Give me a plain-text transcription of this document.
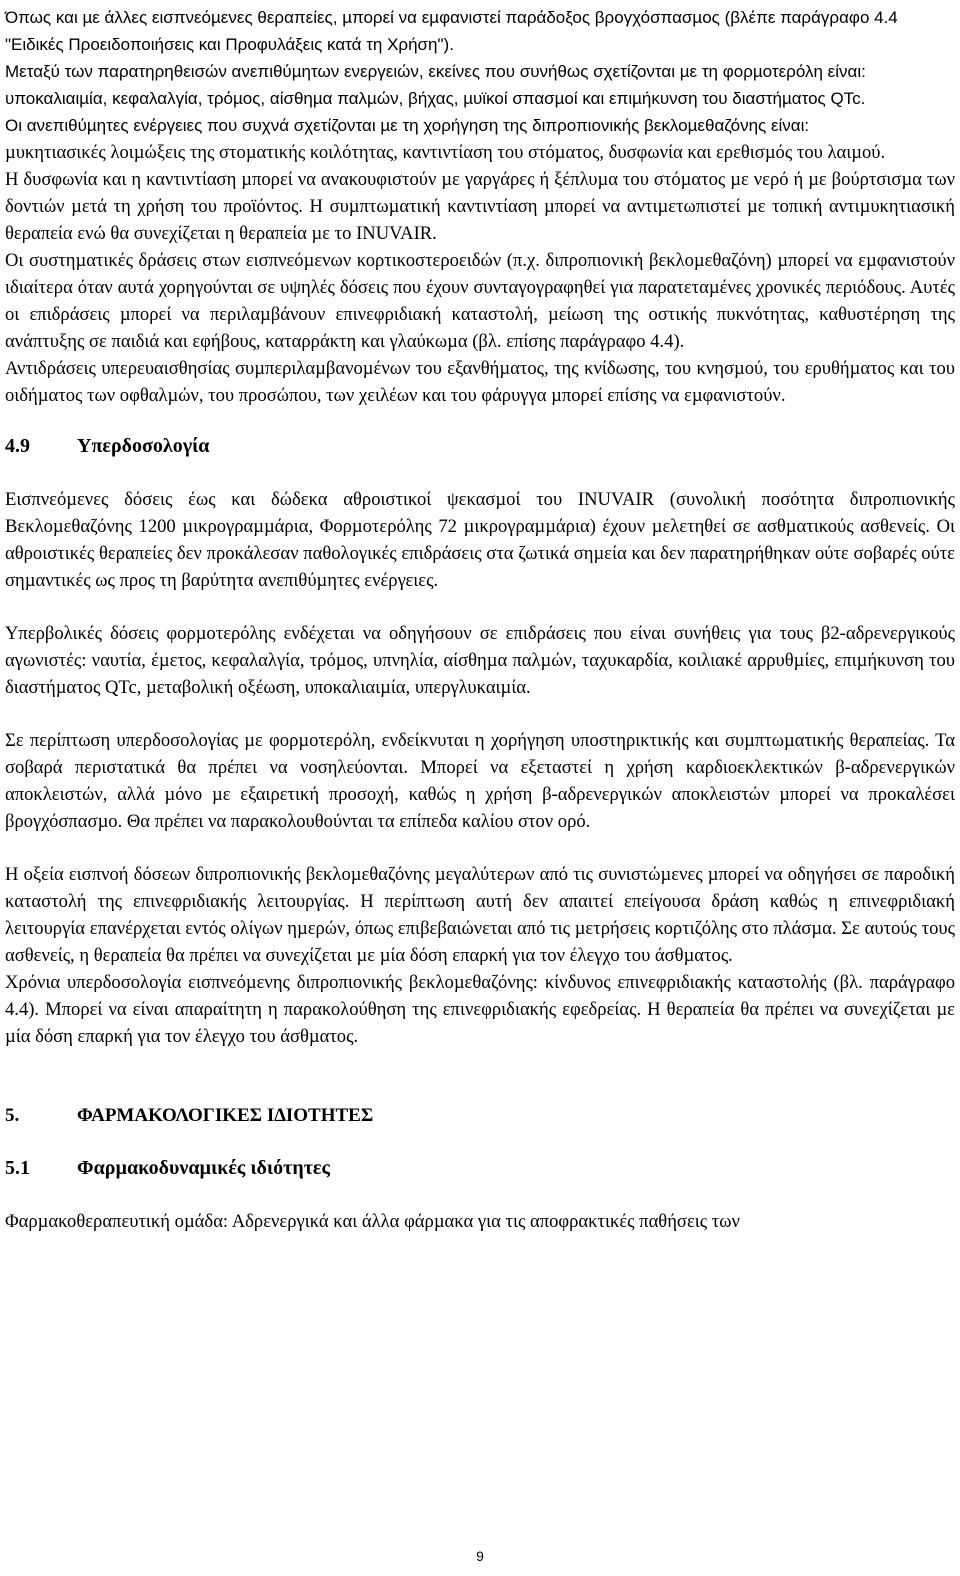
Όπως και µε άλλες εισπνεόµενες θεραπείες, µπορεί να εµφανιστεί παράδοξος βρογχόσπασµος (βλέπε παράγραφο 4.4 "Ειδικές Προειδοποιήσεις και Προφυλάξεις κατά τη Χρήση").

Μεταξύ των παρατηρηθεισών ανεπιθύµητων ενεργειών, εκείνες που συνήθως σχετίζονται µε τη φορµοτερόλη είναι:

υποκαλιαιµία, κεφαλαλγία, τρόµος, αίσθηµα παλµών, βήχας, µυϊκοί σπασµοί και επιµήκυνση του διαστήµατος QTc.

Οι ανεπιθύµητες ενέργειες που συχνά σχετίζονται µε τη χορήγηση της διπροπιονικής βεκλοµεθαζόνης είναι:

µυκητιασικές λοιµώξεις της στοµατικής κοιλότητας, καντιντίαση του στόµατος, δυσφωνία και ερεθισµός του λαιµού.

Η δυσφωνία και η καντιντίαση µπορεί να ανακουφιστούν µε γαργάρες ή ξέπλυµα του στόµατος µε νερό ή µε βούρτσισµα των δοντιών µετά τη χρήση του προϊόντος. Η συµπτωµατική καντιντίαση µπορεί να αντιµετωπιστεί µε τοπική αντιµυκητιασική θεραπεία ενώ θα συνεχίζεται η θεραπεία µε το INUVAIR.

Οι συστηµατικές δράσεις στων εισπνεόµενων κορτικοστεροειδών (π.χ. διπροπιονική βεκλοµεθαζόνη) µπορεί να εµφανιστούν ιδιαίτερα όταν αυτά χορηγούνται σε υψηλές δόσεις που έχουν συνταγογραφηθεί για παρατεταµένες χρονικές περιόδους. Αυτές οι επιδράσεις µπορεί να περιλαµβάνουν επινεφριδιακή καταστολή, µείωση της οστικής πυκνότητας, καθυστέρηση της ανάπτυξης σε παιδιά και εφήβους, καταρράκτη και γλαύκωµα (βλ. επίσης παράγραφο 4.4).

Αντιδράσεις υπερευαισθησίας συµπεριλαµβανοµένων του εξανθήµατος, της κνίδωσης, του κνησµού, του ερυθήµατος και του οιδήµατος των οφθαλµών, του προσώπου, των χειλέων και του φάρυγγα µπορεί επίσης να εµφανιστούν.

4.9	Υπερδοσολογία

Εισπνεόµενες δόσεις έως και δώδεκα αθροιστικοί ψεκασµοί του INUVAIR (συνολική ποσότητα διπροπιονικής Βεκλοµεθαζόνης 1200 µικρογραµµάρια, Φορµοτερόλης 72 µικρογραµµάρια) έχουν µελετηθεί σε ασθµατικούς ασθενείς. Οι αθροιστικές θεραπείες δεν προκάλεσαν παθολογικές επιδράσεις στα ζωτικά σηµεία και δεν παρατηρήθηκαν ούτε σοβαρές ούτε σηµαντικές ως προς τη βαρύτητα ανεπιθύµητες ενέργειες.

Υπερβολικές δόσεις φορµοτερόλης ενδέχεται να οδηγήσουν σε επιδράσεις που είναι συνήθεις για τους β2-αδρενεργικούς αγωνιστές: ναυτία, έµετος, κεφαλαλγία, τρόµος, υπνηλία, αίσθηµα παλµών, ταχυκαρδία, κοιλιακέ αρρυθµίες, επιµήκυνση του διαστήµατος QTc, µεταβολική οξέωση, υποκαλιαιµία, υπεργλυκαιµία.

Σε περίπτωση υπερδοσολογίας µε φορµοτερόλη, ενδείκνυται η χορήγηση υποστηρικτικής και συµπτωµατικής θεραπείας. Τα σοβαρά περιστατικά θα πρέπει να νοσηλεύονται. Μπορεί να εξεταστεί η χρήση καρδιοεκλεκτικών β-αδρενεργικών αποκλειστών, αλλά µόνο µε εξαιρετική προσοχή, καθώς η χρήση β-αδρενεργικών αποκλειστών µπορεί να προκαλέσει βρογχόσπασµο. Θα πρέπει να παρακολουθούνται τα επίπεδα καλίου στον ορό.

Η οξεία εισπνοή δόσεων διπροπιονικής βεκλοµεθαζόνης µεγαλύτερων από τις συνιστώµενες µπορεί να οδηγήσει σε παροδική καταστολή της επινεφριδιακής λειτουργίας. Η περίπτωση αυτή δεν απαιτεί επείγουσα δράση καθώς η επινεφριδιακή λειτουργία επανέρχεται εντός ολίγων ηµερών, όπως επιβεβαιώνεται από τις µετρήσεις κορτιζόλης στο πλάσµα. Σε αυτούς τους ασθενείς, η θεραπεία θα πρέπει να συνεχίζεται µε µία δόση επαρκή για τον έλεγχο του άσθµατος.

Χρόνια υπερδοσολογία εισπνεόµενης διπροπιονικής βεκλοµεθαζόνης: κίνδυνος επινεφριδιακής καταστολής (βλ. παράγραφο 4.4). Μπορεί να είναι απαραίτητη η παρακολούθηση της επινεφριδιακής εφεδρείας. Η θεραπεία θα πρέπει να συνεχίζεται µε µία δόση επαρκή για τον έλεγχο του άσθµατος.

5.	ΦΑΡΜΑΚΟΛΟΓΙΚΕΣ Ι∆ΙΟΤΗΤΕΣ
5.1	Φαρµακοδυναµικές ιδιότητες

Φαρµακοθεραπευτική οµάδα: Αδρενεργικά και άλλα φάρµακα για τις αποφρακτικές παθήσεις των

9
